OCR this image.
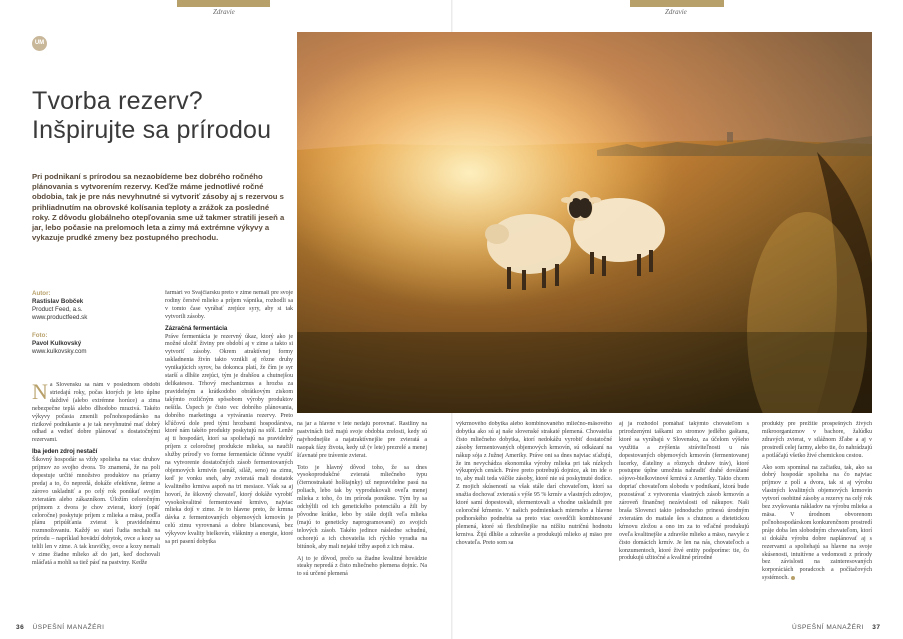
Zdravie	Zdravie
UM
Tvorba rezerv?
Inšpirujte sa prírodou

Pri podnikaní s prírodou sa nezaobídeme bez dobrého ročného plánovania s vytvorením rezervy. Keďže máme jednotlivé ročné obdobia, tak je pre nás nevyhnutné si vytvoriť zásoby aj s rezervou s prihliadnutím na obrovské kolísania teploty a zrážok za posledné roky. Z dôvodu globálneho otepľovania sme už takmer stratili jeseň a jar, lebo počasie na prelomoch leta a zimy má extrémne výkyvy a vykazuje prudké zmeny bez postupného prechodu.

Autor:
Rastislav Bobček
Product Feed, a.s.
www.productfeed.sk
Foto:
Pavol Kulkovský
www.kulkovsky.com

Na Slovensku sa nám v poslednom období striedajú roky, počas ktorých je leto úplne daždivé (alebo extrémne horúce) a zima nebezpečne teplá alebo dlhodobo mrazivá. Takéto výkyvy počasia zmenili poľnohospodársko na rizikové podnikanie a je tak nevyhnutné mať dobrý odhad a vedieť dobre plánovať s dostatočnými rezervami.

Iba jeden zdroj nestačí

Šikovný hospodár sa vždy spoliehа na viac druhov príjmov zo svojho dvora. To znamená, že na poli dopestuje určité množstvo produktov na príamy predaj a to, čo nepredá, dokáže efektívne, šetrne a zárovo uskladniť a po celý rok ponúkať svojim zvieratám alebo zákazníkom. Úložím celoročným príjmom z dvora je chov zvierat, ktorý (opäť celoročne) poskytuje príjem z mlieka a mäsa, podľa plánu pripúšťania zvierat k pravidelnému rozmnožovaniu. Každý so starí ľudia nechali na prírodu – napríklad hovädzí dobytok, ovce a kozy sa telili len v zime. A tak kravičky, ovce a kozy nemali v zime žiadne mlieko až do jari, keď dochovali mláďatá a mohli sa tiež pásť na pastviny. Kedže

farmári vo Švajčiarsku preto v zime nemali pre svoje rodiny čerstvé mlieko a príjem vápnika, rozhodli sa v tomto čase vyrábať zrejúce syry, aby si tak vytvorili zásoby.

Zázračná fermentácia

Práve fermentácia je rezervný úkaz, ktorý ako je možné uložiť živiny pre období aj v zime a takto si vytvoriť zásoby. Okrem atraktívnej formy uskladnenia živín takto vznikli aj rôzne druhy vynikajúcich syrov, ba dokonca platí, že čím je syr starší a dlhšie zrejúci, tým je drahšou a chutnejšou delikatesou. Trhový mechanizmus a hrozba za pravidelným a krátkodobo obrátkovým ziskom takýmto rozličným spôsobom výroby produktov nešítla. Úspech je čisto vec dobrého plánovania, dobrého marketingu a vytvárania rezervy. Preto kľúčovú dole pred tými hrozbami hospodárstva, ktoré nám takéto produkty poskytujú na stôl. Lenže aj ti hospodári, ktorí sa spoliehajú na pravidelný príjem z celoročnej produkcie mlieka, sa naučili služby príroďy vo forme fermentácie účinne využiť na vytvorenie dostatočných zásob fermentovaných objemových krmivín (senáž, siláž, seno) na zimu, keď je vonku sneh, aby zvieratá mali dostatok kvalitného krmiva aspoň na tri mesiace. Však sa aj hovorí, že šikovný chovateľ, ktorý dokáže vyrobiť vysokokvalitné fermentované krmivo, najviac mlieka dojí v zime. Je to hlavne preto, že krmna dávka z fermentovaných objemových krmovín je celú zimu vyrovnaná a dobre bilancovaná, bez výkyvov kvality bielkovín, vlákniny a energie, ktoré sa pri pasení dobytka

na jar a hlavne v lete nedajú porovnať. Rastliny na pastvinách tiež majú svoje obdobia zrelosti, kedy sú najvhodnejšie a najatraktívnejšie pre zvieratá a naopak fázy životа, kedy už (v lete) prezrelé a menej šťavnaté pre trávenie zvierat.

Toto je hlavný dôvod toho, že sa dnes vysokoprodukčné zvieratá mliečneho typu (čiernostrakaté holštajnky) už nepravidelne pasú na poliach, lebo tak by vyprodukovali oveľa menej mlieka z toho, čo im príroda ponúkne. Tým by sa odchýlili od ich genetického potenciálu a žili by pôvodne krátke, lebo by stále dojili veľa mlieka (majú to geneticky naprogramované) zo svojich telových zásob. Takéto jedince následne schudnú, ochorejú a ich chovatelia ich rýchlo vyradia na bitúnok, aby mali nejaké tržby aspoň z ich mäsa.

Aj to je dôvod, prečo sa žiadne kvalitné hovädzie steaky nepredá z čisto mliečneho plemena dojníc. Na to sú určené plemená

výkrmového dobytka alebo kombinovaného mliečno-mäsového dobytka ako sú aj naše slovenské strakaté plemená. Chovatelia čisto mliečneho dobytka, ktorí nedokážu vyrobiť dostatočné zásoby fermentovaných objemových krmovín, sú odkázaní na nákup sója z Južnej Ameriky. Práve oni sa dnes najviac sťažujú, že im nevychádza ekonomika výroby mlieka pri tak nízkych výkupných cenách. Práve preto potrebujú dojnice, ak im ide o to, aby mali teda väčšie zásoby, ktoré nie sú poskytnuté dodíce. Z mojich skúseností sa však stále darí chovateľom, ktorí sa snažia dochovať zvieratá s výše 95 % krmív a vlastných zdrojov, ktoré samí dopestovali, sfermentovali a vhodne uskladnili pre celoročné kŕmenie. V našich podmienkach mierneho a hlavne podhorského podnebia sa preto viac osvedčili kombinované plemená, ktoré sú flexibilnejšie na nižšiu nutričnú hodnotu krmiva. Žijú dlhšie a zdravšie a produkujú mlieko aj mäso pre chovateľa. Preto som sa

aj ja rozhodol pomáhať takýmto chovateľom s prirodzenými taškami zo stromov jedlého gaštanu, ktoré sa vyrábajú v Slovensku, za účelom výšeho využitia a zvýšenia stráviteľnosti u nás dopestovaných objemových krmovín (fermentovanej lucerky, ďateliny a rôznych druhov tráv), ktoré postupne úplne umožnia nahradiť drahé dovážané sójovo-bielkovinové krmivá z Ameriky. Takto chcem dopriať chovateľom slobodu v podnikaní, ktorá bude pozostávať z vytvorenia vlastných zásob krmovín a zároveň finančnej nezávislosti od nákupov. Naši braša Slovenci takto jednoducho prinesú úrodným zvieratám do matiale šes s chutnou a dietetickou kŕmovu zložou a ono im za to vďačné produkujú oveľa kvalitnejšie a zdravšie mlieko a mäso, navyše z čisto domácich krmív. Je len na nás, chovateľoch a konzumentoch, ktoré živé entity podporíme: tie, čo produkujú užitočné a kvalitné prírodné

produkty pre prežitie prospešných živých mikroorganizmov v bachore, žalúdku zdravých zvierat, v silážnom žľabe a aj v prostredí celej farmy, alebo tie, čo nahrádzajú a potláčajú všetko živé chemickou cestou.

Ako som spomínal na začiatku, tak, ako sa dobrý hospodár spolieha na čo najviac príjmov z polí a dvora, tak si aj výrobu vlastných kvalitných objemových krmovín vytvorí osobitné zásoby a rezervy na celý rok bez zvyšovania nákladov na výrobu mlieka a mäsa. V úrodnom obvorenom poľnohospodárskom konkurenčnom prostredí práje doba len slobodným chovateľom, ktorí si dokážu výrobu dobre naplánovať aj s rezervami a spoliehajú sa hlavne na svoje skúsenosti, intuitívne a vedomosti z prírody bez závislosti na zainteresovaných korporáciách poradcoch a počítačových systémoch.

36 ÚSPEŠNÍ MANAŽÉRI	ÚSPEŠNÍ MANAŽÉRI 37
